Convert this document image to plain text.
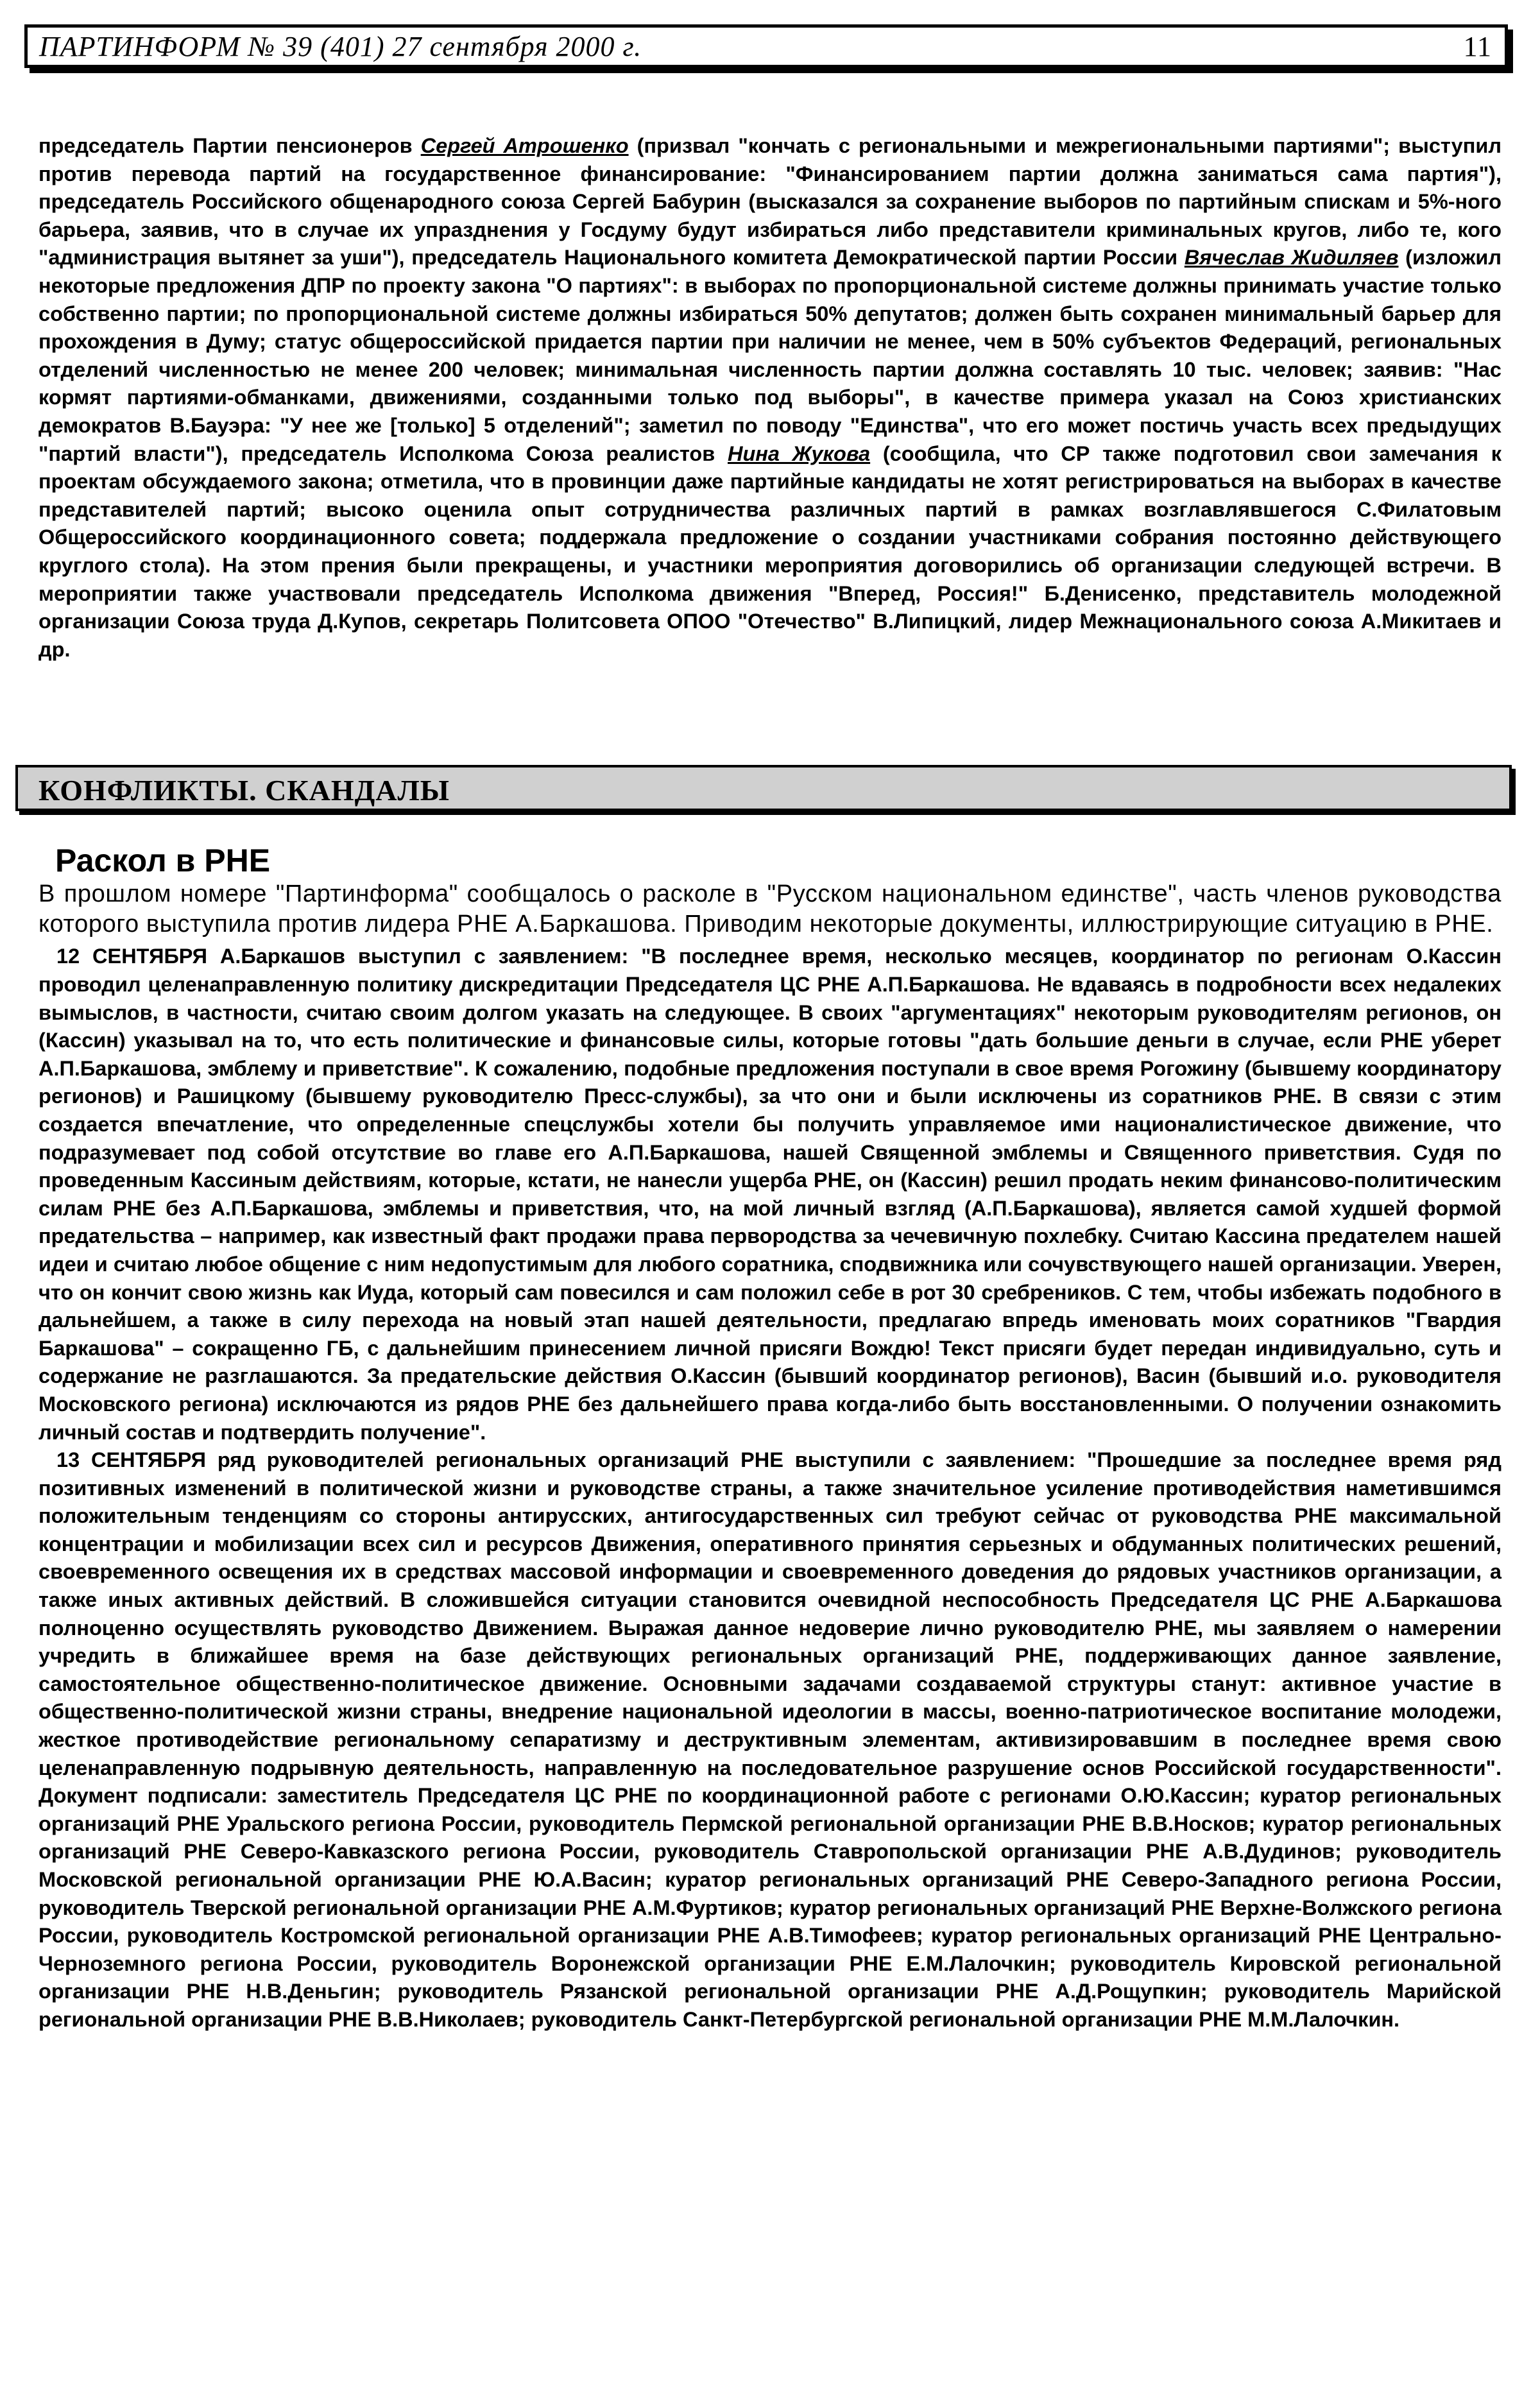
ПАРТИНФОРМ № 39 (401) 27 сентября 2000 г.	11

председатель Партии пенсионеров Сергей Атрошенко (призвал "кончать с региональными и межрегиональными партиями"; выступил против перевода партий на государственное финансирование: "Финансированием партии должна заниматься сама партия"), председатель Российского общенародного союза Сергей Бабурин (высказался за сохранение выборов по партийным спискам и 5%-ного барьера, заявив, что в случае их упразднения у Госдуму будут избираться либо представители криминальных кругов, либо те, кого "администрация вытянет за уши"), председатель Национального комитета Демократической партии России Вячеслав Жидиляев (изложил некоторые предложения ДПР по проекту закона "О партиях": в выборах по пропорциональной системе должны принимать участие только собственно партии; по пропорциональной системе должны избираться 50% депутатов; должен быть сохранен минимальный барьер для прохождения в Думу; статус общероссийской придается партии при наличии не менее, чем в 50% субъектов Федераций, региональных отделений численностью не менее 200 человек; минимальная численность партии должна составлять 10 тыс. человек; заявив: "Нас кормят партиями-обманками, движениями, созданными только под выборы", в качестве примера указал на Союз христианских демократов В.Бауэра: "У нее же [только] 5 отделений"; заметил по поводу "Единства", что его может постичь участь всех предыдущих "партий власти"), председатель Исполкома Союза реалистов Нина Жукова (сообщила, что СР также подготовил свои замечания к проектам обсуждаемого закона; отметила, что в провинции даже партийные кандидаты не хотят регистрироваться на выборах в качестве представителей партий; высоко оценила опыт сотрудничества различных партий в рамках возглавлявшегося С.Филатовым Общероссийского координационного совета; поддержала предложение о создании участниками собрания постоянно действующего круглого стола). На этом прения были прекращены, и участники мероприятия договорились об организации следующей встречи. В мероприятии также участвовали председатель Исполкома движения "Вперед, Россия!" Б.Денисенко, представитель молодежной организации Союза труда Д.Купов, секретарь Политсовета ОПОО "Отечество" В.Липицкий, лидер Межнационального союза А.Микитаев и др.

КОНФЛИКТЫ. СКАНДАЛЫ
Раскол в РНЕ

В прошлом номере "Партинформа" сообщалось о расколе в "Русском национальном единстве", часть членов руководства которого выступила против лидера РНЕ А.Баркашова. Приводим некоторые документы, иллюстрирующие ситуацию в РНЕ.

12 СЕНТЯБРЯ А.Баркашов выступил с заявлением: "В последнее время, несколько месяцев, координатор по регионам О.Кассин проводил целенаправленную политику дискредитации Председателя ЦС РНЕ А.П.Баркашова. Не вдаваясь в подробности всех недалеких вымыслов, в частности, считаю своим долгом указать на следующее. В своих "аргументациях" некоторым руководителям регионов, он (Кассин) указывал на то, что есть политические и финансовые силы, которые готовы "дать большие деньги в случае, если РНЕ уберет А.П.Баркашова, эмблему и приветствие". К сожалению, подобные предложения поступали в свое время Рогожину (бывшему координатору регионов) и Рашицкому (бывшему руководителю Пресс-службы), за что они и были исключены из соратников РНЕ. В связи с этим создается впечатление, что определенные спецслужбы хотели бы получить управляемое ими националистическое движение, что подразумевает под собой отсутствие во главе его А.П.Баркашова, нашей Священной эмблемы и Священного приветствия. Судя по проведенным Кассиным действиям, которые, кстати, не нанесли ущерба РНЕ, он (Кассин) решил продать неким финансово-политическим силам РНЕ без А.П.Баркашова, эмблемы и приветствия, что, на мой личный взгляд (А.П.Баркашова), является самой худшей формой предательства – например, как известный факт продажи права первородства за чечевичную похлебку. Считаю Кассина предателем нашей идеи и считаю любое общение с ним недопустимым для любого соратника, сподвижника или сочувствующего нашей организации. Уверен, что он кончит свою жизнь как Иуда, который сам повесился и сам положил себе в рот 30 сребреников. С тем, чтобы избежать подобного в дальнейшем, а также в силу перехода на новый этап нашей деятельности, предлагаю впредь именовать моих соратников "Гвардия Баркашова" – сокращенно ГБ, с дальнейшим принесением личной присяги Вождю! Текст присяги будет передан индивидуально, суть и содержание не разглашаются. За предательские действия О.Кассин (бывший координатор регионов), Васин (бывший и.о. руководителя Московского региона) исключаются из рядов РНЕ без дальнейшего права когда-либо быть восстановленными. О получении ознакомить личный состав и подтвердить получение".

13 СЕНТЯБРЯ ряд руководителей региональных организаций РНЕ выступили с заявлением: "Прошедшие за последнее время ряд позитивных изменений в политической жизни и руководстве страны, а также значительное усиление противодействия наметившимся положительным тенденциям со стороны антирусских, антигосударственных сил требуют сейчас от руководства РНЕ максимальной концентрации и мобилизации всех сил и ресурсов Движения, оперативного принятия серьезных и обдуманных политических решений, своевременного освещения их в средствах массовой информации и своевременного доведения до рядовых участников организации, а также иных активных действий. В сложившейся ситуации становится очевидной неспособность Председателя ЦС РНЕ А.Баркашова полноценно осуществлять руководство Движением. Выражая данное недоверие лично руководителю РНЕ, мы заявляем о намерении учредить в ближайшее время на базе действующих региональных организаций РНЕ, поддерживающих данное заявление, самостоятельное общественно-политическое движение. Основными задачами создаваемой структуры станут: активное участие в общественно-политической жизни страны, внедрение национальной идеологии в массы, военно-патриотическое воспитание молодежи, жесткое противодействие региональному сепаратизму и деструктивным элементам, активизировавшим в последнее время свою целенаправленную подрывную деятельность, направленную на последовательное разрушение основ Российской государственности". Документ подписали: заместитель Председателя ЦС РНЕ по координационной работе с регионами О.Ю.Кассин; куратор региональных организаций РНЕ Уральского региона России, руководитель Пермской региональной организации РНЕ В.В.Носков; куратор региональных организаций РНЕ Северо-Кавказского региона России, руководитель Ставропольской организации РНЕ А.В.Дудинов; руководитель Московской региональной организации РНЕ Ю.А.Васин; куратор региональных организаций РНЕ Северо-Западного региона России, руководитель Тверской региональной организации РНЕ А.М.Фуртиков; куратор региональных организаций РНЕ Верхне-Волжского региона России, руководитель Костромской региональной организации РНЕ А.В.Тимофеев; куратор региональных организаций РНЕ Центрально-Черноземного региона России, руководитель Воронежской организации РНЕ Е.М.Лалочкин; руководитель Кировской региональной организации РНЕ Н.В.Деньгин; руководитель Рязанской региональной организации РНЕ А.Д.Рощупкин; руководитель Марийской региональной организации РНЕ В.В.Николаев; руководитель Санкт-Петербургской региональной организации РНЕ М.М.Лалочкин.
